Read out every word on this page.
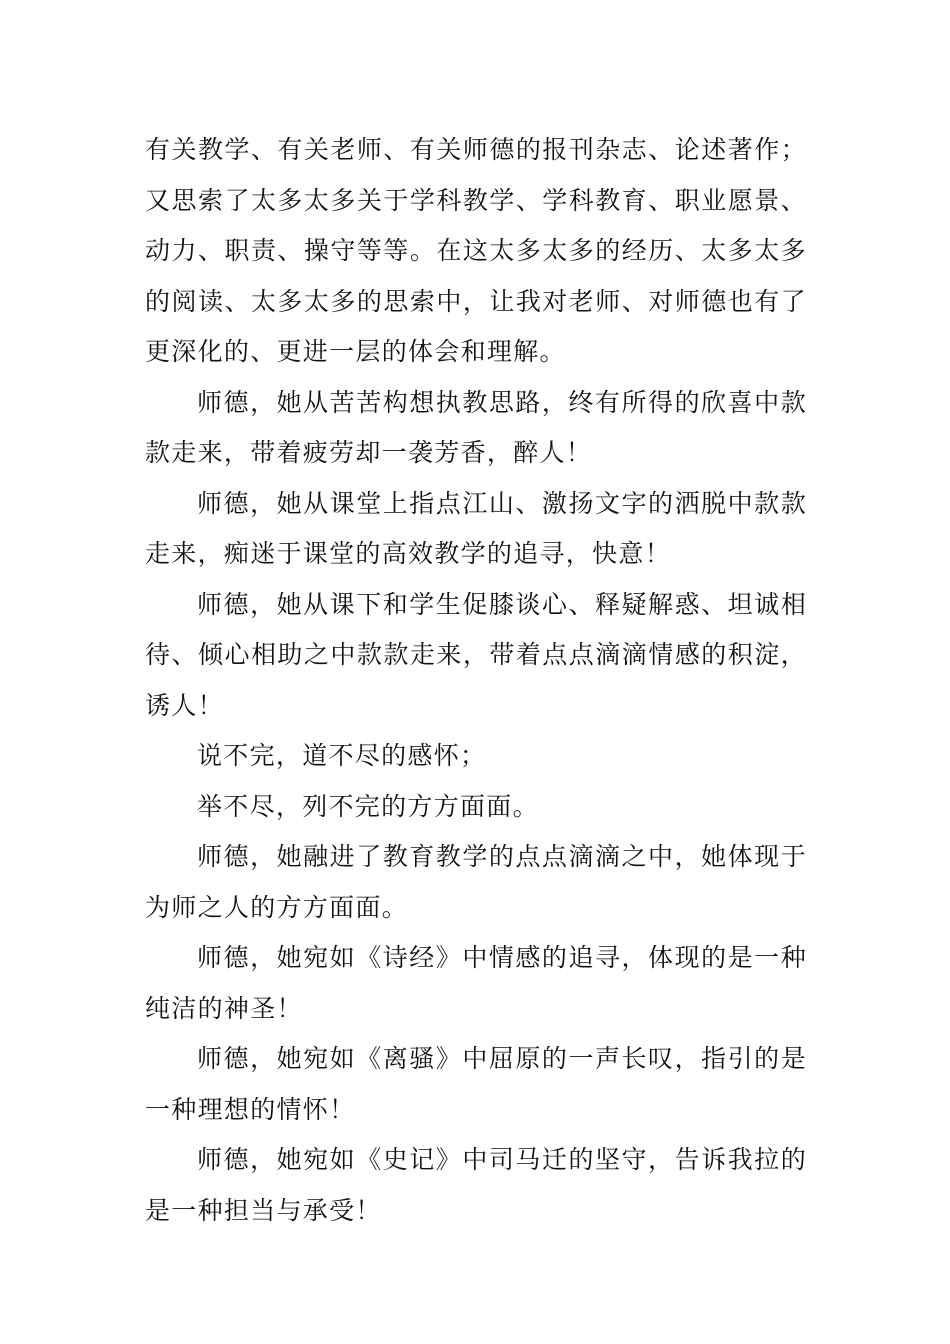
有关教学、有关老师、有关师德的报刊杂志、论述著作；又思索了太多太多关于学科教学、学科教育、职业愿景、动力、职责、操守等等。在这太多太多的经历、太多太多的阅读、太多太多的思索中，让我对老师、对师德也有了更深化的、更进一层的体会和理解。

师德，她从苦苦构想执教思路，终有所得的欣喜中款款走来，带着疲劳却一袭芳香，醉人！

师德，她从课堂上指点江山、激扬文字的洒脱中款款走来，痴迷于课堂的高效教学的追寻，快意！

师德，她从课下和学生促膝谈心、释疑解惑、坦诚相待、倾心相助之中款款走来，带着点点滴滴情感的积淀，诱人！

说不完，道不尽的感怀；

举不尽，列不完的方方面面。

师德，她融进了教育教学的点点滴滴之中，她体现于为师之人的方方面面。

师德，她宛如《诗经》中情感的追寻，体现的是一种纯洁的神圣！

师德，她宛如《离骚》中屈原的一声长叹，指引的是一种理想的情怀！

师德，她宛如《史记》中司马迁的坚守，告诉我拉的是一种担当与承受！
